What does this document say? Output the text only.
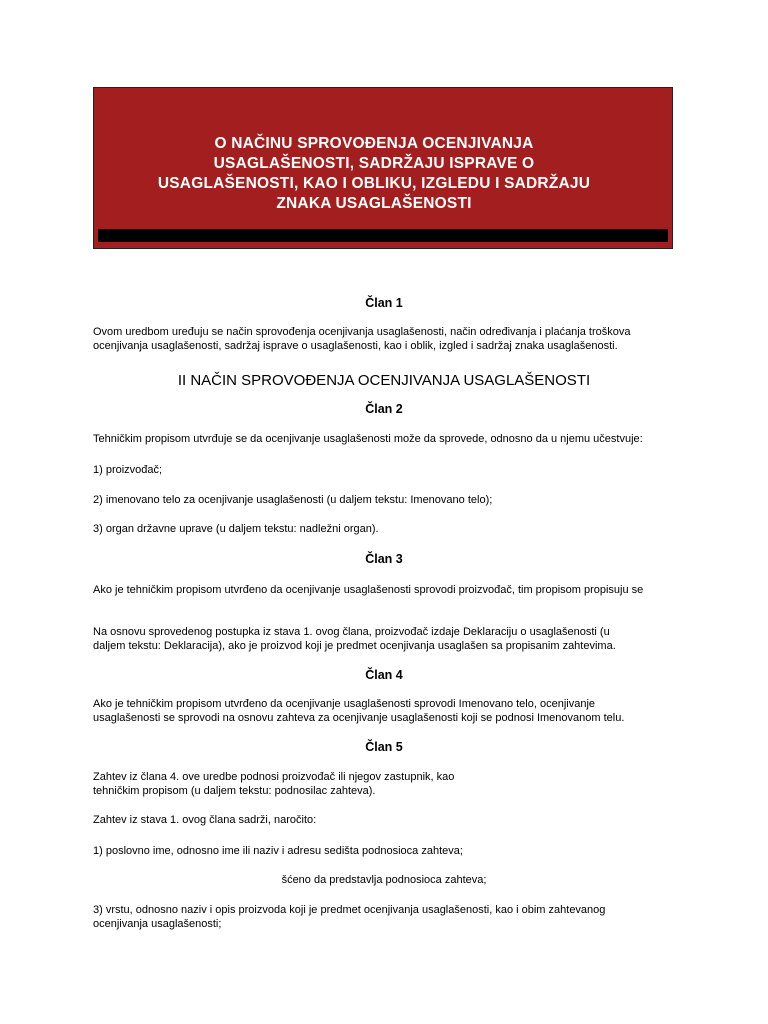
O NAČINU SPROVOĐENJA OCENJIVANJA
USAGLAŠENOSTI, SADRŽAJU ISPRAVE O
USAGLAŠENOSTI, KAO I OBLIKU, IZGLEDU I SADRŽAJU
ZNAKA USAGLAŠENOSTI
Član 1

Ovom uredbom uređuju se način sprovođenja ocenjivanja usaglašenosti, način određivanja i plaćanja troškova
ocenjivanja usaglašenosti, sadržaj isprave o usaglašenosti, kao i oblik, izgled i sadržaj znaka usaglašenosti.

II NAČIN SPROVOĐENJA OCENJIVANJA USAGLAŠENOSTI
Član 2

Tehničkim propisom utvrđuje se da ocenjivanje usaglašenosti može da sprovede, odnosno da u njemu učestvuje:

1) proizvođač;

2) imenovano telo za ocenjivanje usaglašenosti (u daljem tekstu: Imenovano telo);

3) organ državne uprave (u daljem tekstu: nadležni organ).

Član 3

Ako je tehničkim propisom utvrđeno da ocenjivanje usaglašenosti sprovodi proizvođač, tim propisom propisuju se

Na osnovu sprovedenog postupka iz stava 1. ovog člana, proizvođač izdaje Deklaraciju o usaglašenosti (u
daljem tekstu: Deklaracija), ako je proizvod koji je predmet ocenjivanja usaglašen sa propisanim zahtevima.

Član 4

Ako je tehničkim propisom utvrđeno da ocenjivanje usaglašenosti sprovodi Imenovano telo, ocenjivanje
usaglašenosti se sprovodi na osnovu zahteva za ocenjivanje usaglašenosti koji se podnosi Imenovanom telu.

Član 5

Zahtev iz člana 4. ove uredbe podnosi proizvođač ili njegov zastupnik, kao
tehničkim propisom (u daljem tekstu: podnosilac zahteva).

Zahtev iz stava 1. ovog člana sadrži, naročito:

1) poslovno ime, odnosno ime ili naziv i adresu sedišta podnosioca zahteva;

šćeno da predstavlja podnosioca zahteva;

3) vrstu, odnosno naziv i opis proizvoda koji je predmet ocenjivanja usaglašenosti, kao i obim zahtevanog
ocenjivanja usaglašenosti;
